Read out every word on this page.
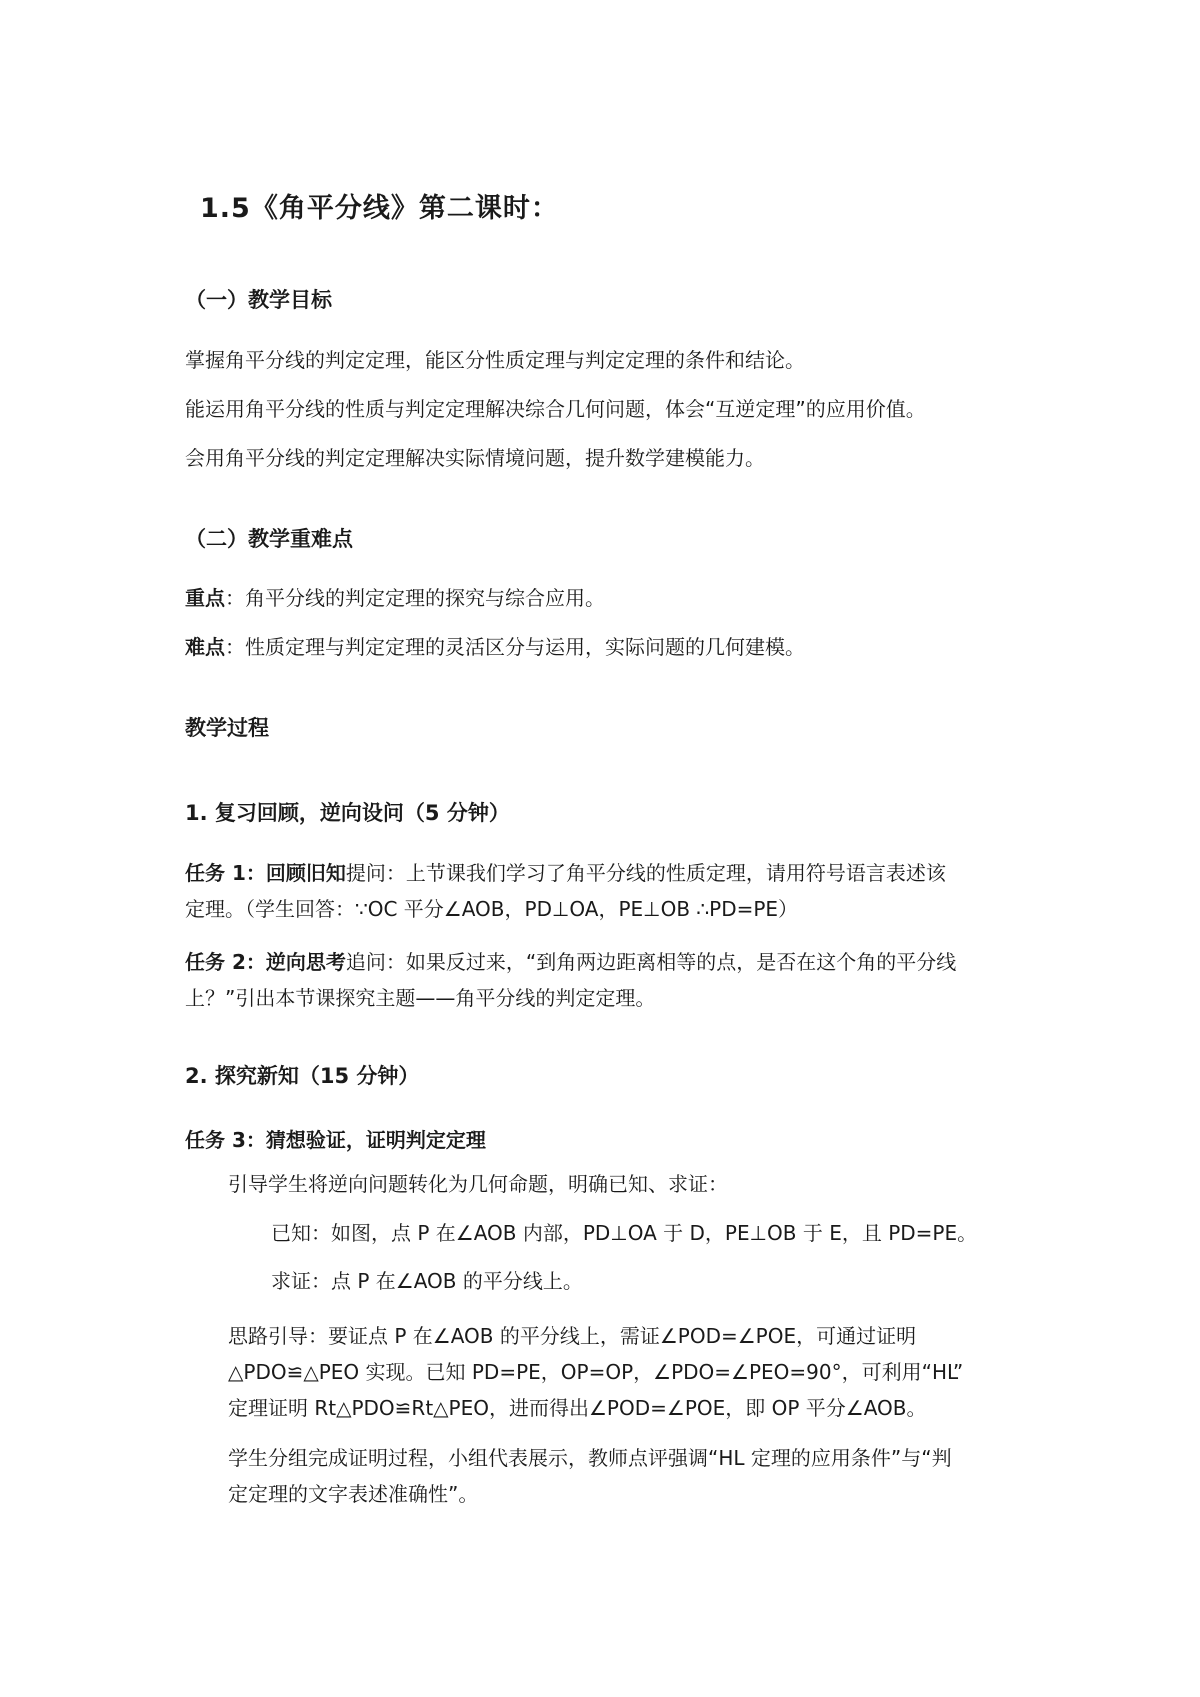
1.5《角平分线》第二课时：
（一）教学目标
掌握角平分线的判定定理，能区分性质定理与判定定理的条件和结论。
能运用角平分线的性质与判定定理解决综合几何问题，体会“互逆定理”的应用价值。
会用角平分线的判定定理解决实际情境问题，提升数学建模能力。
（二）教学重难点
重点：角平分线的判定定理的探究与综合应用。
难点：性质定理与判定定理的灵活区分与运用，实际问题的几何建模。
教学过程
1. 复习回顾，逆向设问（5 分钟）
任务 1：回顾旧知提问：上节课我们学习了角平分线的性质定理，请用符号语言表述该
定理。（学生回答：∵OC 平分∠AOB，PD⊥OA，PE⊥OB ∴PD=PE）
任务 2：逆向思考追问：如果反过来，“到角两边距离相等的点，是否在这个角的平分线
上？”引出本节课探究主题——角平分线的判定定理。
2. 探究新知（15 分钟）
任务 3：猜想验证，证明判定定理
引导学生将逆向问题转化为几何命题，明确已知、求证：
已知：如图，点 P 在∠AOB 内部，PD⊥OA 于 D，PE⊥OB 于 E，且 PD=PE。
求证：点 P 在∠AOB 的平分线上。
思路引导：要证点 P 在∠AOB 的平分线上，需证∠POD=∠POE，可通过证明
△PDO≌△PEO 实现。已知 PD=PE，OP=OP，∠PDO=∠PEO=90°，可利用“HL”
定理证明 Rt△PDO≌Rt△PEO，进而得出∠POD=∠POE，即 OP 平分∠AOB。
学生分组完成证明过程，小组代表展示，教师点评强调“HL 定理的应用条件”与“判
定定理的文字表述准确性”。
